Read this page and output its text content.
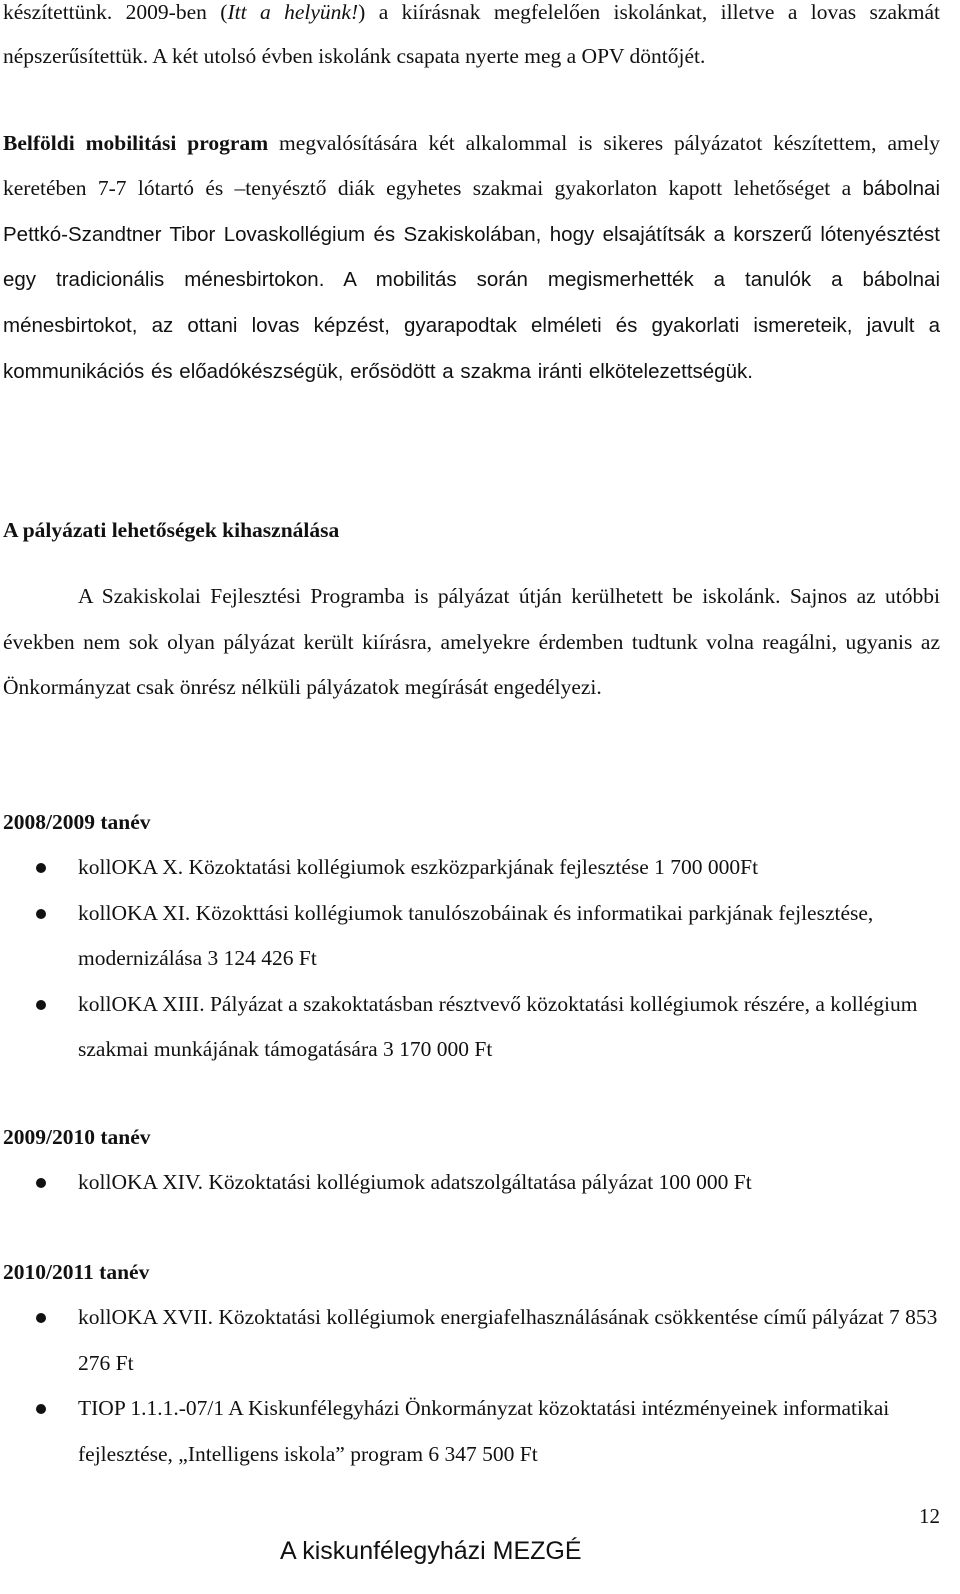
készítettünk. 2009-ben (Itt a helyünk!) a kiírásnak megfelelően iskolánkat, illetve a lovas szakmát népszerűsítettük. A két utolsó évben iskolánk csapata nyerte meg a OPV döntőjét.

Belföldi mobilitási program megvalósítására két alkalommal is sikeres pályázatot készítettem, amely keretében 7-7 lótartó és –tenyésztő diák egyhetes szakmai gyakorlaton kapott lehetőséget a bábolnai Pettkó-Szandtner Tibor Lovaskollégium és Szakiskolában, hogy elsajátítsák a korszerű lótenyésztést egy tradicionális ménesbirtokon. A mobilitás során megismerhették a tanulók a bábolnai ménesbirtokot, az ottani lovas képzést, gyarapodtak elméleti és gyakorlati ismereteik, javult a kommunikációs és előadókészségük, erősödött a szakma iránti elkötelezettségük.

A pályázati lehetőségek kihasználása

A Szakiskolai Fejlesztési Programba is pályázat útján kerülhetett be iskolánk. Sajnos az utóbbi években nem sok olyan pályázat került kiírásra, amelyekre érdemben tudtunk volna reagálni, ugyanis az Önkormányzat csak önrész nélküli pályázatok megírását engedélyezi.

2008/2009 tanév
kollOKA X. Közoktatási kollégiumok eszközparkjának fejlesztése 1 700 000Ft
kollOKA XI. Közokttási kollégiumok tanulószobáinak és informatikai parkjának fejlesztése, modernizálása 3 124 426 Ft
kollOKA XIII. Pályázat a szakoktatásban résztvevő közoktatási kollégiumok részére, a kollégium szakmai munkájának támogatására 3 170 000 Ft
2009/2010 tanév
kollOKA XIV. Közoktatási kollégiumok adatszolgáltatása pályázat 100 000 Ft
2010/2011 tanév
kollOKA XVII. Közoktatási kollégiumok energiafelhasználásának csökkentése című pályázat 7 853 276 Ft
TIOP 1.1.1.-07/1 A Kiskunfélegyházi Önkormányzat közoktatási intézményeinek informatikai fejlesztése, „Intelligens iskola” program 6 347 500 Ft
12
A kiskunfélegyházi MEZGÉ
